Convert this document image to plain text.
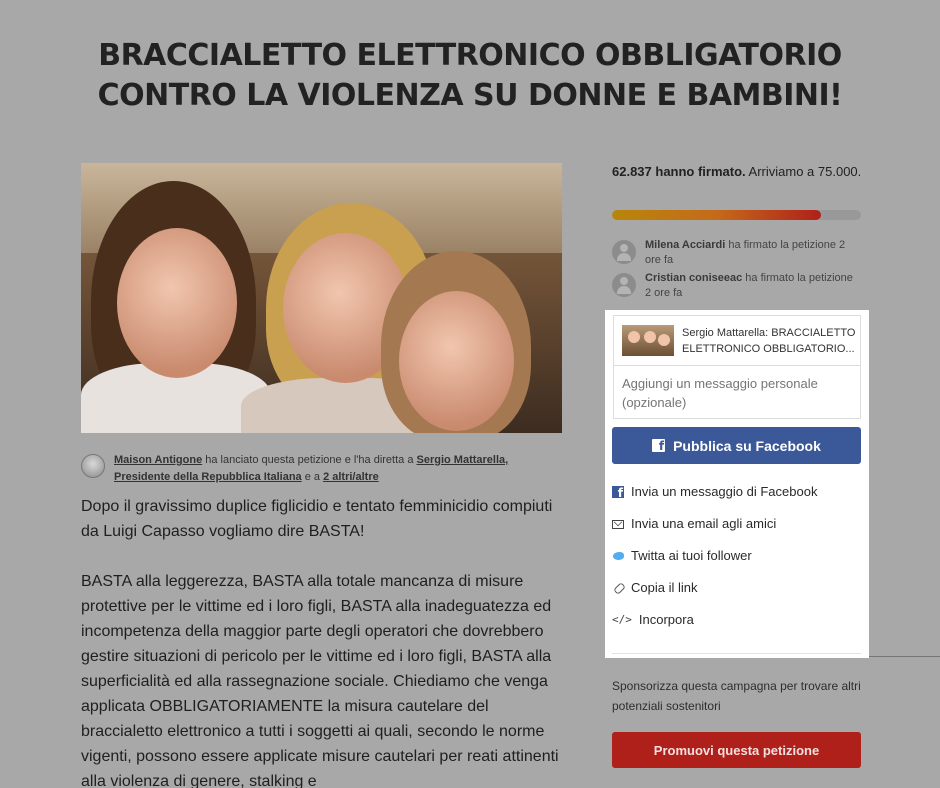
BRACCIALETTO ELETTRONICO OBBLIGATORIO CONTRO LA VIOLENZA SU DONNE E BAMBINI!
Maison Antigone ha lanciato questa petizione e l'ha diretta a Sergio Mattarella, Presidente della Repubblica Italiana e a 2 altri/altre

Dopo il gravissimo duplice figlicidio e tentato femminicidio compiuti da Luigi Capasso vogliamo dire BASTA!

BASTA alla leggerezza, BASTA alla totale mancanza di misure protettive per le vittime ed i loro figli, BASTA alla inadeguatezza ed incompetenza della maggior parte degli operatori che dovrebbero gestire situazioni di pericolo per le vittime ed i loro figli, BASTA alla superficialità ed alla rassegnazione sociale. Chiediamo che venga applicata OBBLIGATORIAMENTE la misura cautelare del braccialetto elettronico a tutti i soggetti ai quali, secondo le norme vigenti, possono essere applicate misure cautelari per reati attinenti alla violenza di genere, stalking e

62.837 hanno firmato. Arriviamo a 75.000.
Milena Acciardi ha firmato la petizione 2 ore fa
Cristian coniseeac ha firmato la petizione 2 ore fa
Sergio Mattarella: BRACCIALETTO ELETTRONICO OBBLIGATORIO...
Aggiungi un messaggio personale (opzionale)
f Pubblica su Facebook
f
Invia un messaggio di Facebook
Invia una email agli amici
Twitta ai tuoi follower
Copia il link
</> Incorpora
Sponsorizza questa campagna per trovare altri potenziali sostenitori
Promuovi questa petizione
